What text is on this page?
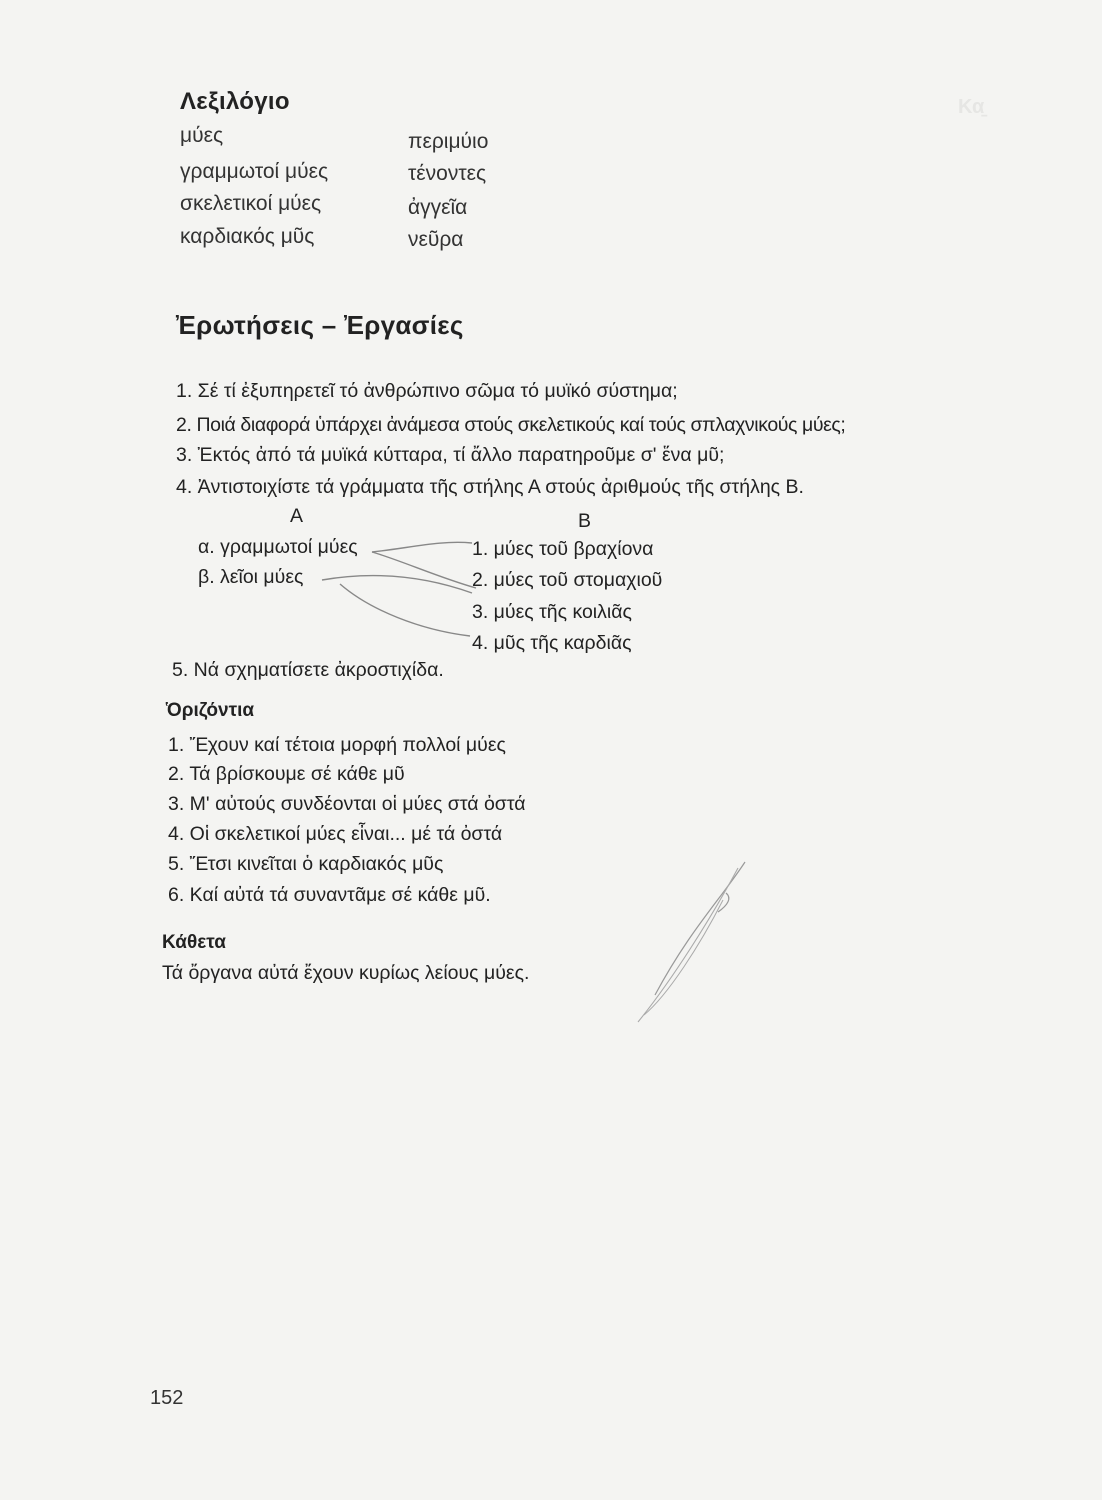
Κα̱
Λεξιλόγιο
μύες
γραμμωτοί μύες
σκελετικοί μύες
καρδιακός μῦς
περιμύιο
τένοντες
ἀγγεῖα
νεῦρα
Ἐρωτήσεις – Ἐργασίες
1. Σέ τί ἐξυπηρετεῖ τό ἀνθρώπινο σῶμα τό μυϊκό σύστημα;
2. Ποιά διαφορά ὑπάρχει ἀνάμεσα στούς σκελετικούς καί τούς σπλαχνικούς μύες;
3. Ἐκτός ἀπό τά μυϊκά κύτταρα, τί ἄλλο παρατηροῦμε σ' ἕνα μῦ;
4. Ἀντιστοιχίστε τά γράμματα τῆς στήλης Α στούς ἀριθμούς τῆς στήλης Β.
Α	Β
α. γραμμωτοί μύες
β. λεῖοι μύες
1. μύες τοῦ βραχίονα
2. μύες τοῦ στομαχιοῦ
3. μύες τῆς κοιλιᾶς
4. μῦς τῆς καρδιᾶς
5. Νά σχηματίσετε ἀκροστιχίδα.
Ὁριζόντια
1. Ἔχουν καί τέτοια μορφή πολλοί μύες
2. Τά βρίσκουμε σέ κάθε μῦ
3. Μ' αὐτούς συνδέονται οἱ μύες στά ὀστά
4. Οἱ σκελετικοί μύες εἶναι... μέ τά ὀστά
5. Ἔτσι κινεῖται ὁ καρδιακός μῦς
6. Καί αὐτά τά συναντᾶμε σέ κάθε μῦ.
Κάθετα
Τά ὄργανα αὐτά ἔχουν κυρίως λείους μύες.
152
